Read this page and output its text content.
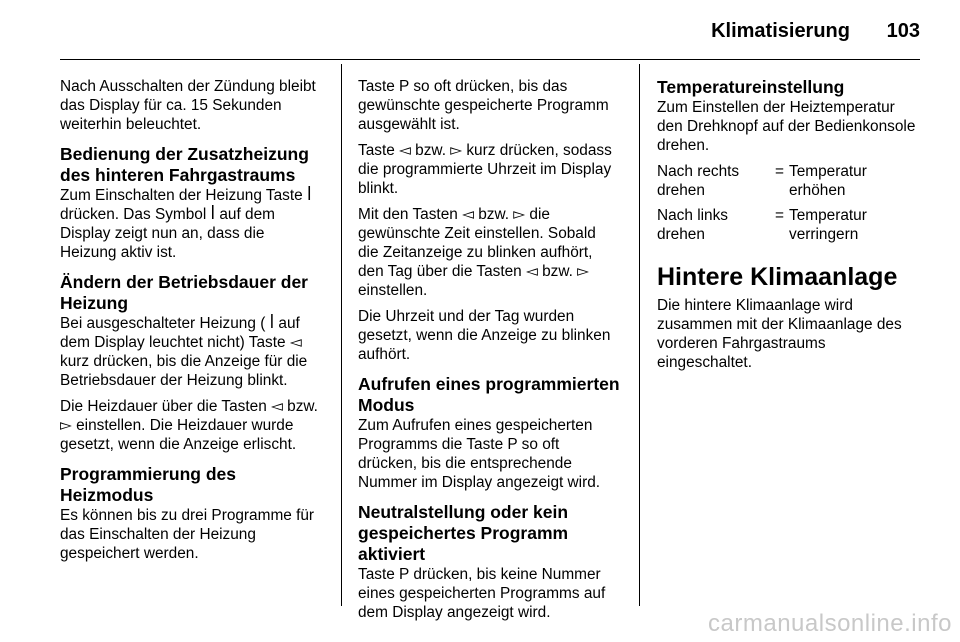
Klimatisierung 103

Nach Ausschalten der Zündung bleibt das Display für ca. 15 Sekunden weiterhin beleuchtet.

Bedienung der Zusatzheizung des hinteren Fahrgastraums

Zum Einschalten der Heizung Taste ꟾ drücken. Das Symbol ꟾ auf dem Display zeigt nun an, dass die Heizung aktiv ist.

Ändern der Betriebsdauer der Heizung

Bei ausgeschalteter Heizung ( ꟾ auf dem Display leuchtet nicht) Taste ◅ kurz drücken, bis die Anzeige für die Betriebsdauer der Heizung blinkt.

Die Heizdauer über die Tasten ◅ bzw. ▻ einstellen. Die Heizdauer wurde gesetzt, wenn die Anzeige erlischt.

Programmierung des Heizmodus

Es können bis zu drei Programme für das Einschalten der Heizung gespeichert werden.

Taste P so oft drücken, bis das gewünschte gespeicherte Programm ausgewählt ist.

Taste ◅ bzw. ▻ kurz drücken, sodass die programmierte Uhrzeit im Display blinkt.

Mit den Tasten ◅ bzw. ▻ die gewünschte Zeit einstellen. Sobald die Zeitanzeige zu blinken aufhört, den Tag über die Tasten ◅ bzw. ▻ einstellen.

Die Uhrzeit und der Tag wurden gesetzt, wenn die Anzeige zu blinken aufhört.

Aufrufen eines programmierten Modus

Zum Aufrufen eines gespeicherten Programms die Taste P so oft drücken, bis die entsprechende Nummer im Display angezeigt wird.

Neutralstellung oder kein gespeichertes Programm aktiviert

Taste P drücken, bis keine Nummer eines gespeicherten Programms auf dem Display angezeigt wird.

Temperatureinstellung

Zum Einstellen der Heiztemperatur den Drehknopf auf der Bedienkonsole drehen.

Nach rechts drehen	=	Temperatur erhöhen
Nach links drehen	=	Temperatur verringern
Hintere Klimaanlage

Die hintere Klimaanlage wird zusammen mit der Klimaanlage des vorderen Fahrgastraums eingeschaltet.

carmanualsonline.info
